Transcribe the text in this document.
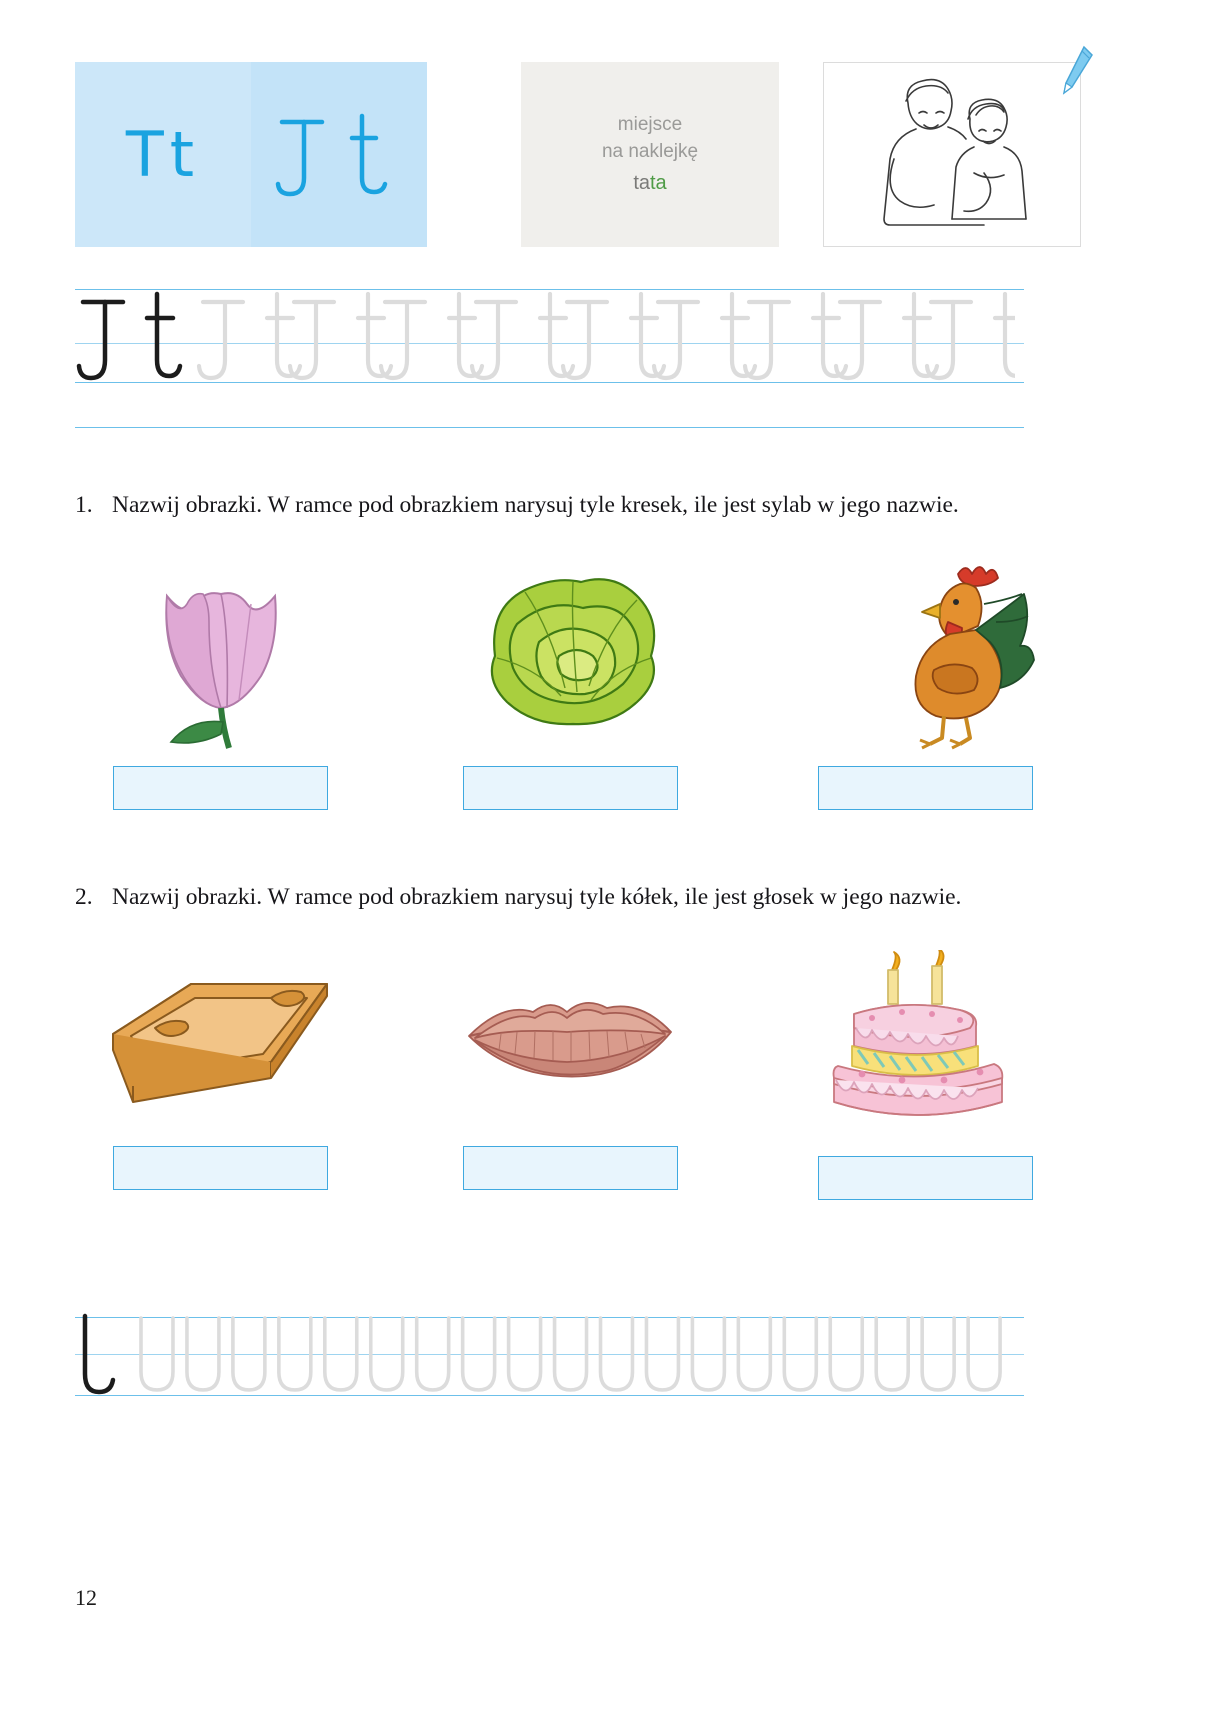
T t	miejsce
na naklejkę
tata
1. Nazwij obrazki. W ramce pod obrazkiem narysuj tyle kresek, ile jest sylab w jego nazwie.
2. Nazwij obrazki. W ramce pod obrazkiem narysuj tyle kółek, ile jest głosek w jego nazwie.
12
